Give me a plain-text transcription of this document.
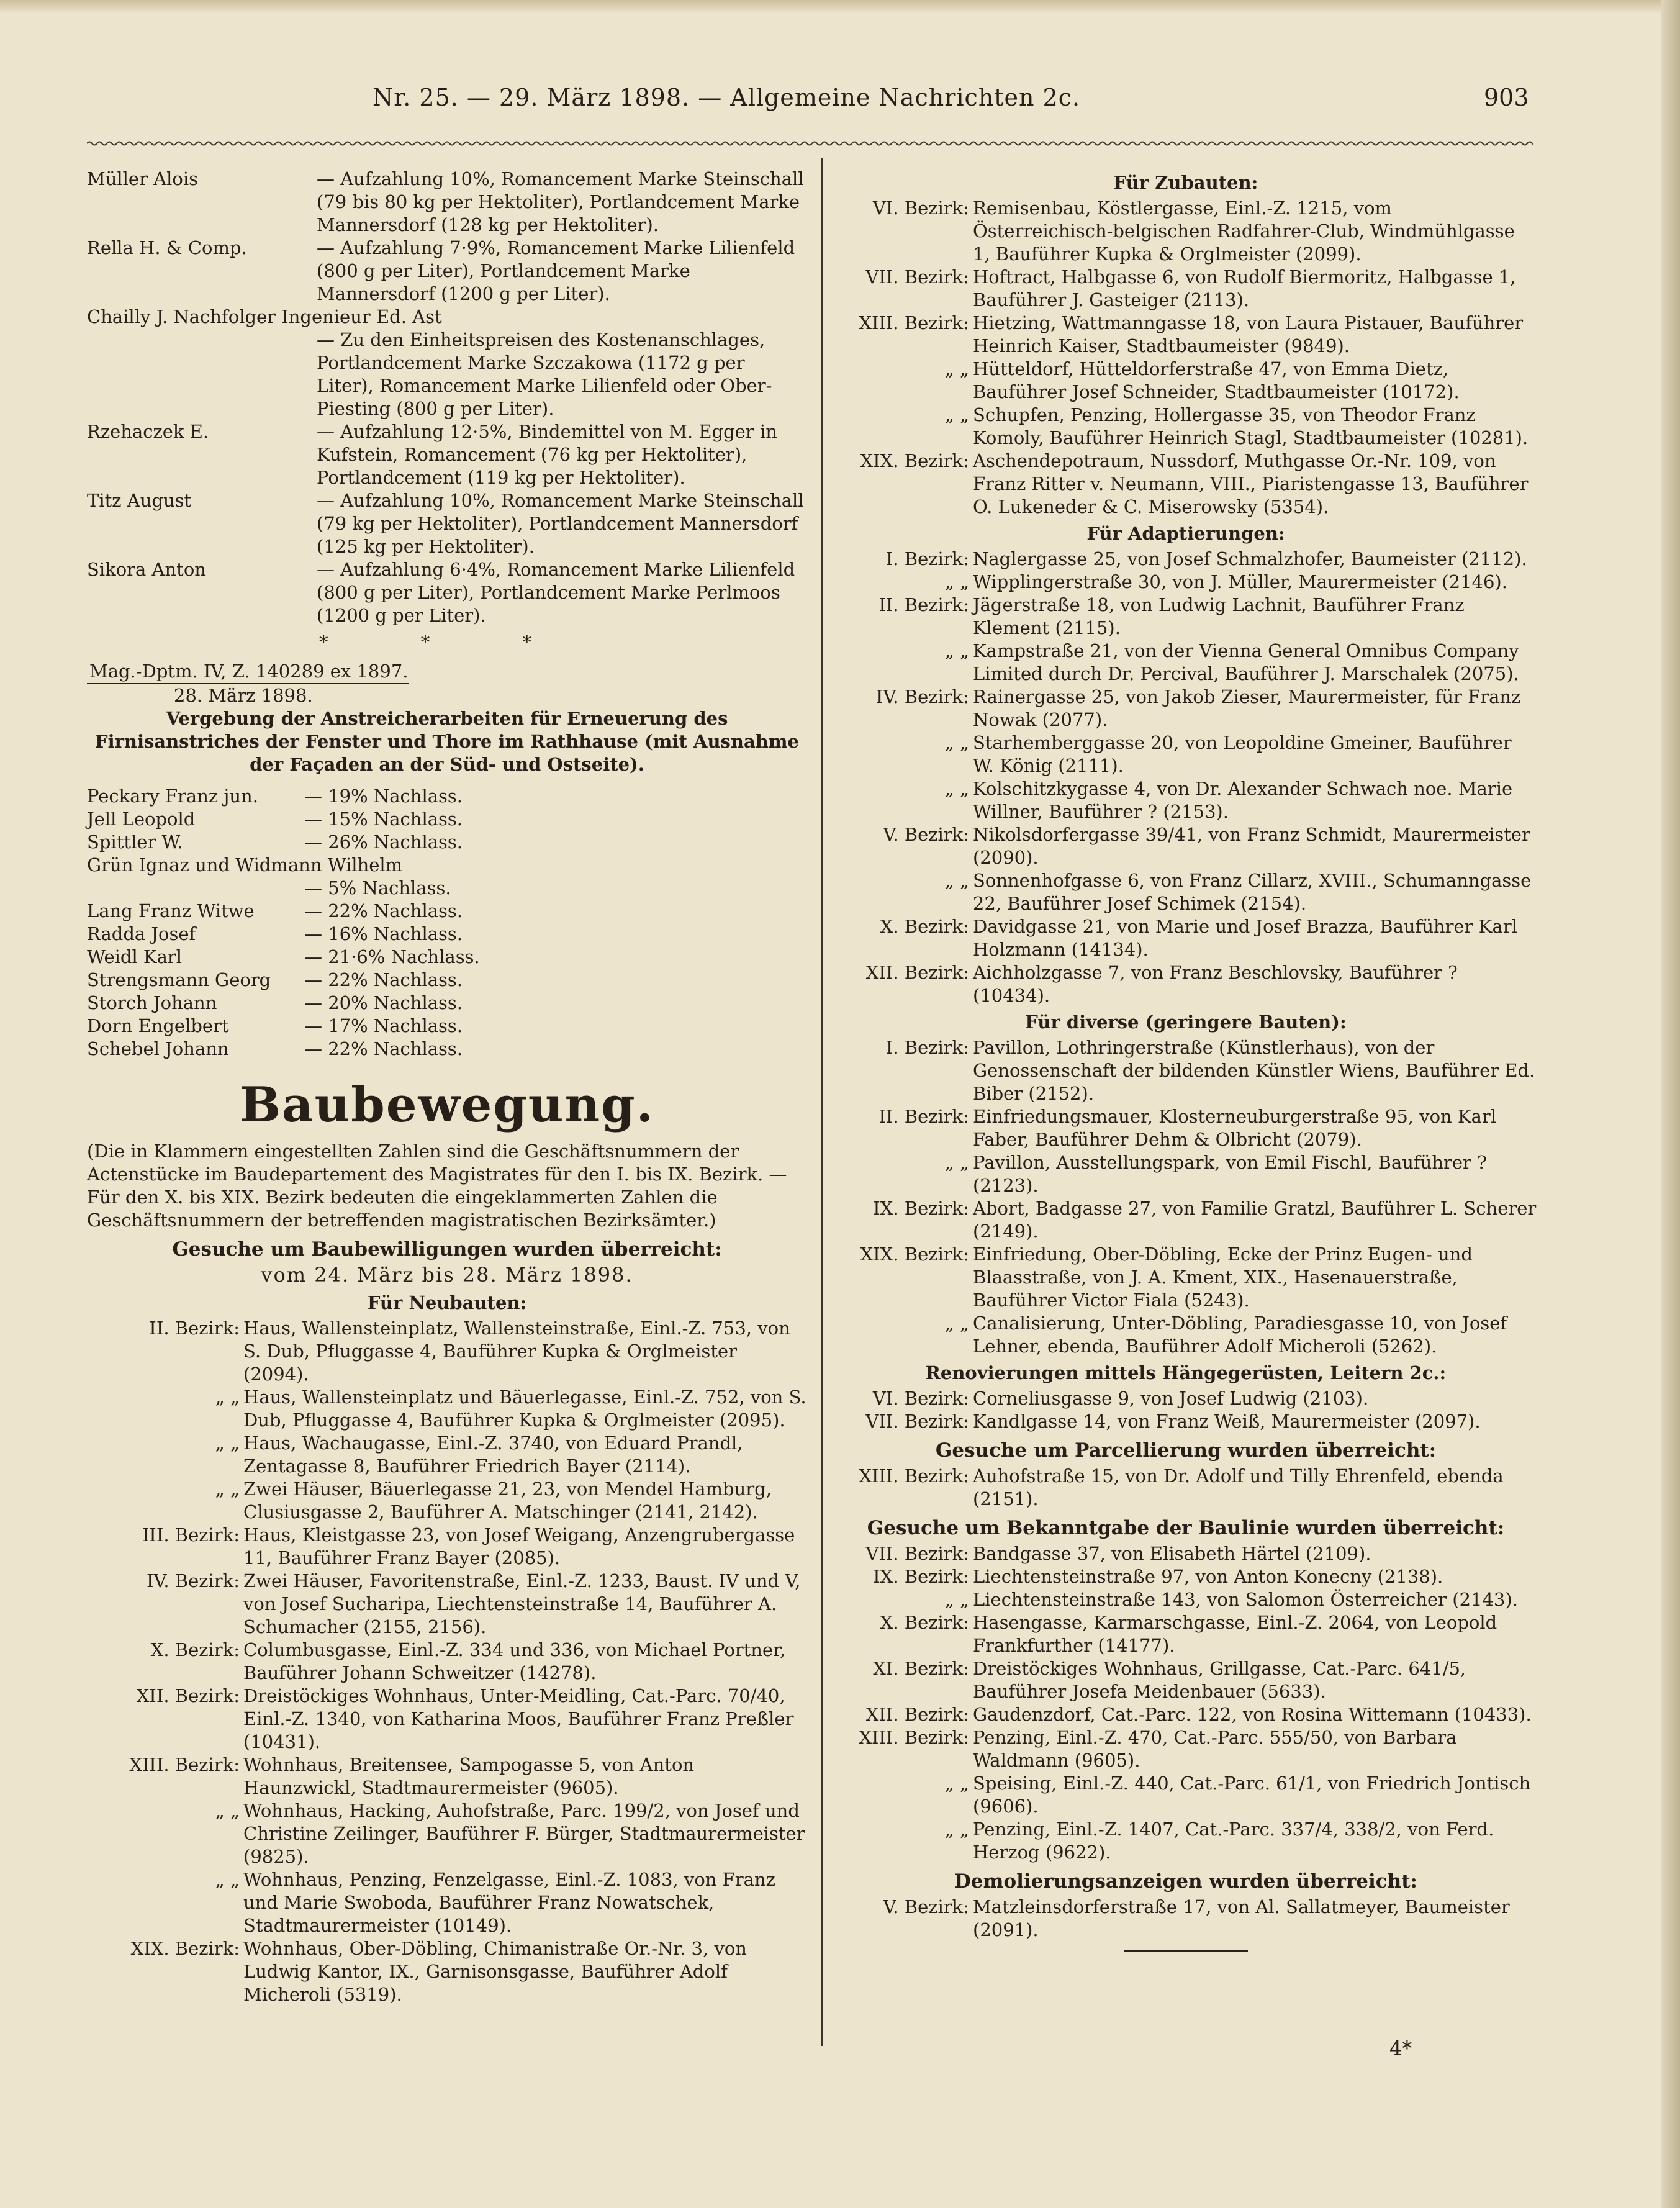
Nr. 25. — 29. März 1898. — Allgemeine Nachrichten 2c.	903
Müller Alois	— Aufzahlung 10%, Romancement Marke Steinschall (79 bis 80 kg per Hektoliter), Portlandcement Marke Mannersdorf (128 kg per Hektoliter).
Rella H. & Comp.	— Aufzahlung 7·9%, Romancement Marke Lilienfeld (800 g per Liter), Portlandcement Marke Mannersdorf (1200 g per Liter).
Chailly J. Nachfolger Ingenieur Ed. Ast
— Zu den Einheitspreisen des Kostenanschlages, Portlandcement Marke Szczakowa (1172 g per Liter), Romancement Marke Lilienfeld oder Ober-Piesting (800 g per Liter).
Rzehaczek E.	— Aufzahlung 12·5%, Bindemittel von M. Egger in Kufstein, Romancement (76 kg per Hektoliter), Portlandcement (119 kg per Hektoliter).
Titz August	— Aufzahlung 10%, Romancement Marke Steinschall (79 kg per Hektoliter), Portlandcement Mannersdorf (125 kg per Hektoliter).
Sikora Anton	— Aufzahlung 6·4%, Romancement Marke Lilienfeld (800 g per Liter), Portlandcement Marke Perlmoos (1200 g per Liter).
* * *
Mag.-Dptm. IV, Z. 140289 ex 1897.
28. März 1898.
Vergebung der Anstreicherarbeiten für Erneuerung des Firnisanstriches der Fenster und Thore im Rathhause (mit Ausnahme der Façaden an der Süd- und Ostseite).
Peckary Franz jun.	— 19% Nachlass.
Jell Leopold	— 15% Nachlass.
Spittler W.	— 26% Nachlass.
Grün Ignaz und Widmann Wilhelm
— 5% Nachlass.
Lang Franz Witwe	— 22% Nachlass.
Radda Josef	— 16% Nachlass.
Weidl Karl	— 21·6% Nachlass.
Strengsmann Georg	— 22% Nachlass.
Storch Johann	— 20% Nachlass.
Dorn Engelbert	— 17% Nachlass.
Schebel Johann	— 22% Nachlass.
Baubewegung.
(Die in Klammern eingestellten Zahlen sind die Geschäftsnummern der Actenstücke im Baudepartement des Magistrates für den I. bis IX. Bezirk. — Für den X. bis XIX. Bezirk bedeuten die eingeklammerten Zahlen die Geschäftsnummern der betreffenden magistratischen Bezirksämter.)
Gesuche um Baubewilligungen wurden überreicht:
vom 24. März bis 28. März 1898.
Für Neubauten:
II. Bezirk: Haus, Wallensteinplatz, Wallensteinstraße, Einl.-Z. 753, von S. Dub, Pfluggasse 4, Bauführer Kupka & Orglmeister (2094).
„ „ Haus, Wallensteinplatz und Bäuerlegasse, Einl.-Z. 752, von S. Dub, Pfluggasse 4, Bauführer Kupka & Orglmeister (2095).
„ „ Haus, Wachaugasse, Einl.-Z. 3740, von Eduard Prandl, Zentagasse 8, Bauführer Friedrich Bayer (2114).
„ „ Zwei Häuser, Bäuerlegasse 21, 23, von Mendel Hamburg, Clusiusgasse 2, Bauführer A. Matschinger (2141, 2142).
III. Bezirk: Haus, Kleistgasse 23, von Josef Weigang, Anzengrubergasse 11, Bauführer Franz Bayer (2085).
IV. Bezirk: Zwei Häuser, Favoritenstraße, Einl.-Z. 1233, Baust. IV und V, von Josef Sucharipa, Liechtensteinstraße 14, Bauführer A. Schumacher (2155, 2156).
X. Bezirk: Columbusgasse, Einl.-Z. 334 und 336, von Michael Portner, Bauführer Johann Schweitzer (14278).
XII. Bezirk: Dreistöckiges Wohnhaus, Unter-Meidling, Cat.-Parc. 70/40, Einl.-Z. 1340, von Katharina Moos, Bauführer Franz Preßler (10431).
XIII. Bezirk: Wohnhaus, Breitensee, Sampogasse 5, von Anton Haunzwickl, Stadtmaurermeister (9605).
„ „ Wohnhaus, Hacking, Auhofstraße, Parc. 199/2, von Josef und Christine Zeilinger, Bauführer F. Bürger, Stadtmaurermeister (9825).
„ „ Wohnhaus, Penzing, Fenzelgasse, Einl.-Z. 1083, von Franz und Marie Swoboda, Bauführer Franz Nowatschek, Stadtmaurermeister (10149).
XIX. Bezirk: Wohnhaus, Ober-Döbling, Chimanistraße Or.-Nr. 3, von Ludwig Kantor, IX., Garnisonsgasse, Bauführer Adolf Micheroli (5319).
Für Zubauten:
VI. Bezirk: Remisenbau, Köstlergasse, Einl.-Z. 1215, vom Österreichisch-belgischen Radfahrer-Club, Windmühlgasse 1, Bauführer Kupka & Orglmeister (2099).
VII. Bezirk: Hoftract, Halbgasse 6, von Rudolf Biermoritz, Halbgasse 1, Bauführer J. Gasteiger (2113).
XIII. Bezirk: Hietzing, Wattmanngasse 18, von Laura Pistauer, Bauführer Heinrich Kaiser, Stadtbaumeister (9849).
„ „ Hütteldorf, Hütteldorferstraße 47, von Emma Dietz, Bauführer Josef Schneider, Stadtbaumeister (10172).
„ „ Schupfen, Penzing, Hollergasse 35, von Theodor Franz Komoly, Bauführer Heinrich Stagl, Stadtbaumeister (10281).
XIX. Bezirk: Aschendepotraum, Nussdorf, Muthgasse Or.-Nr. 109, von Franz Ritter v. Neumann, VIII., Piaristengasse 13, Bauführer O. Lukeneder & C. Miserowsky (5354).
Für Adaptierungen:
I. Bezirk: Naglergasse 25, von Josef Schmalzhofer, Baumeister (2112).
„ „ Wipplingerstraße 30, von J. Müller, Maurermeister (2146).
II. Bezirk: Jägerstraße 18, von Ludwig Lachnit, Bauführer Franz Klement (2115).
„ „ Kampstraße 21, von der Vienna General Omnibus Company Limited durch Dr. Percival, Bauführer J. Marschalek (2075).
IV. Bezirk: Rainergasse 25, von Jakob Zieser, Maurermeister, für Franz Nowak (2077).
„ „ Starhemberggasse 20, von Leopoldine Gmeiner, Bauführer W. König (2111).
„ „ Kolschitzkygasse 4, von Dr. Alexander Schwach noe. Marie Willner, Bauführer ? (2153).
V. Bezirk: Nikolsdorfergasse 39/41, von Franz Schmidt, Maurermeister (2090).
„ „ Sonnenhofgasse 6, von Franz Cillarz, XVIII., Schumanngasse 22, Bauführer Josef Schimek (2154).
X. Bezirk: Davidgasse 21, von Marie und Josef Brazza, Bauführer Karl Holzmann (14134).
XII. Bezirk: Aichholzgasse 7, von Franz Beschlovsky, Bauführer ? (10434).
Für diverse (geringere Bauten):
I. Bezirk: Pavillon, Lothringerstraße (Künstlerhaus), von der Genossenschaft der bildenden Künstler Wiens, Bauführer Ed. Biber (2152).
II. Bezirk: Einfriedungsmauer, Klosterneuburgerstraße 95, von Karl Faber, Bauführer Dehm & Olbricht (2079).
„ „ Pavillon, Ausstellungspark, von Emil Fischl, Bauführer ? (2123).
IX. Bezirk: Abort, Badgasse 27, von Familie Gratzl, Bauführer L. Scherer (2149).
XIX. Bezirk: Einfriedung, Ober-Döbling, Ecke der Prinz Eugen- und Blaasstraße, von J. A. Kment, XIX., Hasenauerstraße, Bauführer Victor Fiala (5243).
„ „ Canalisierung, Unter-Döbling, Paradiesgasse 10, von Josef Lehner, ebenda, Bauführer Adolf Micheroli (5262).
Renovierungen mittels Hängegerüsten, Leitern 2c.:
VI. Bezirk: Corneliusgasse 9, von Josef Ludwig (2103).
VII. Bezirk: Kandlgasse 14, von Franz Weiß, Maurermeister (2097).
Gesuche um Parcellierung wurden überreicht:
XIII. Bezirk: Auhofstraße 15, von Dr. Adolf und Tilly Ehrenfeld, ebenda (2151).
Gesuche um Bekanntgabe der Baulinie wurden überreicht:
VII. Bezirk: Bandgasse 37, von Elisabeth Härtel (2109).
IX. Bezirk: Liechtensteinstraße 97, von Anton Konecny (2138).
„ „ Liechtensteinstraße 143, von Salomon Österreicher (2143).
X. Bezirk: Hasengasse, Karmarschgasse, Einl.-Z. 2064, von Leopold Frankfurther (14177).
XI. Bezirk: Dreistöckiges Wohnhaus, Grillgasse, Cat.-Parc. 641/5, Bauführer Josefa Meidenbauer (5633).
XII. Bezirk: Gaudenzdorf, Cat.-Parc. 122, von Rosina Wittemann (10433).
XIII. Bezirk: Penzing, Einl.-Z. 470, Cat.-Parc. 555/50, von Barbara Waldmann (9605).
„ „ Speising, Einl.-Z. 440, Cat.-Parc. 61/1, von Friedrich Jontisch (9606).
„ „ Penzing, Einl.-Z. 1407, Cat.-Parc. 337/4, 338/2, von Ferd. Herzog (9622).
Demolierungsanzeigen wurden überreicht:
V. Bezirk: Matzleinsdorferstraße 17, von Al. Sallatmeyer, Baumeister (2091).
4*
